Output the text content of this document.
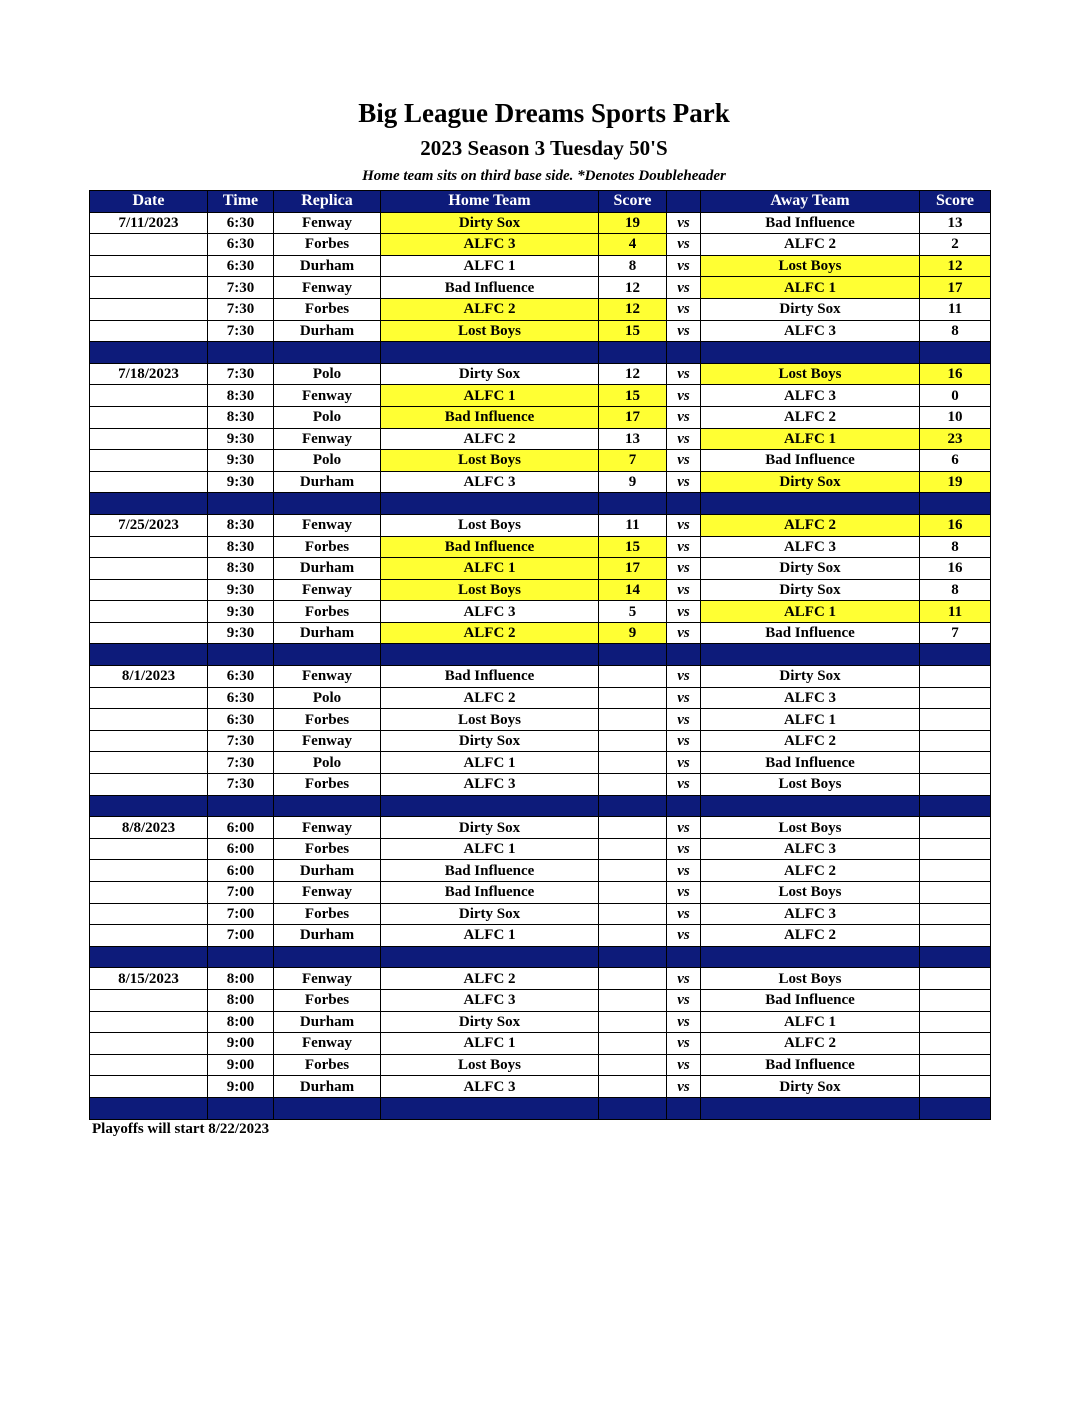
Big League Dreams Sports Park
2023 Season 3 Tuesday 50'S
Home team sits on third base side. *Denotes Doubleheader
Date	Time	Replica	Home Team	Score		Away Team	Score
7/11/2023	6:30	Fenway	Dirty Sox	19	vs	Bad Influence	13
	6:30	Forbes	ALFC 3	4	vs	ALFC 2	2
	6:30	Durham	ALFC 1	8	vs	Lost Boys	12
	7:30	Fenway	Bad Influence	12	vs	ALFC 1	17
	7:30	Forbes	ALFC 2	12	vs	Dirty Sox	11
	7:30	Durham	Lost Boys	15	vs	ALFC 3	8

7/18/2023	7:30	Polo	Dirty Sox	12	vs	Lost Boys	16
	8:30	Fenway	ALFC 1	15	vs	ALFC 3	0
	8:30	Polo	Bad Influence	17	vs	ALFC 2	10
	9:30	Fenway	ALFC 2	13	vs	ALFC 1	23
	9:30	Polo	Lost Boys	7	vs	Bad Influence	6
	9:30	Durham	ALFC 3	9	vs	Dirty Sox	19

7/25/2023	8:30	Fenway	Lost Boys	11	vs	ALFC 2	16
	8:30	Forbes	Bad Influence	15	vs	ALFC 3	8
	8:30	Durham	ALFC 1	17	vs	Dirty Sox	16
	9:30	Fenway	Lost Boys	14	vs	Dirty Sox	8
	9:30	Forbes	ALFC 3	5	vs	ALFC 1	11
	9:30	Durham	ALFC 2	9	vs	Bad Influence	7

8/1/2023	6:30	Fenway	Bad Influence		vs	Dirty Sox	
	6:30	Polo	ALFC 2		vs	ALFC 3	
	6:30	Forbes	Lost Boys		vs	ALFC 1	
	7:30	Fenway	Dirty Sox		vs	ALFC 2	
	7:30	Polo	ALFC 1		vs	Bad Influence	
	7:30	Forbes	ALFC 3		vs	Lost Boys	

8/8/2023	6:00	Fenway	Dirty Sox		vs	Lost Boys	
	6:00	Forbes	ALFC 1		vs	ALFC 3	
	6:00	Durham	Bad Influence		vs	ALFC 2	
	7:00	Fenway	Bad Influence		vs	Lost Boys	
	7:00	Forbes	Dirty Sox		vs	ALFC 3	
	7:00	Durham	ALFC 1		vs	ALFC 2	

8/15/2023	8:00	Fenway	ALFC 2		vs	Lost Boys	
	8:00	Forbes	ALFC 3		vs	Bad Influence	
	8:00	Durham	Dirty Sox		vs	ALFC 1	
	9:00	Fenway	ALFC 1		vs	ALFC 2	
	9:00	Forbes	Lost Boys		vs	Bad Influence	
	9:00	Durham	ALFC 3		vs	Dirty Sox	

Playoffs will start 8/22/2023
